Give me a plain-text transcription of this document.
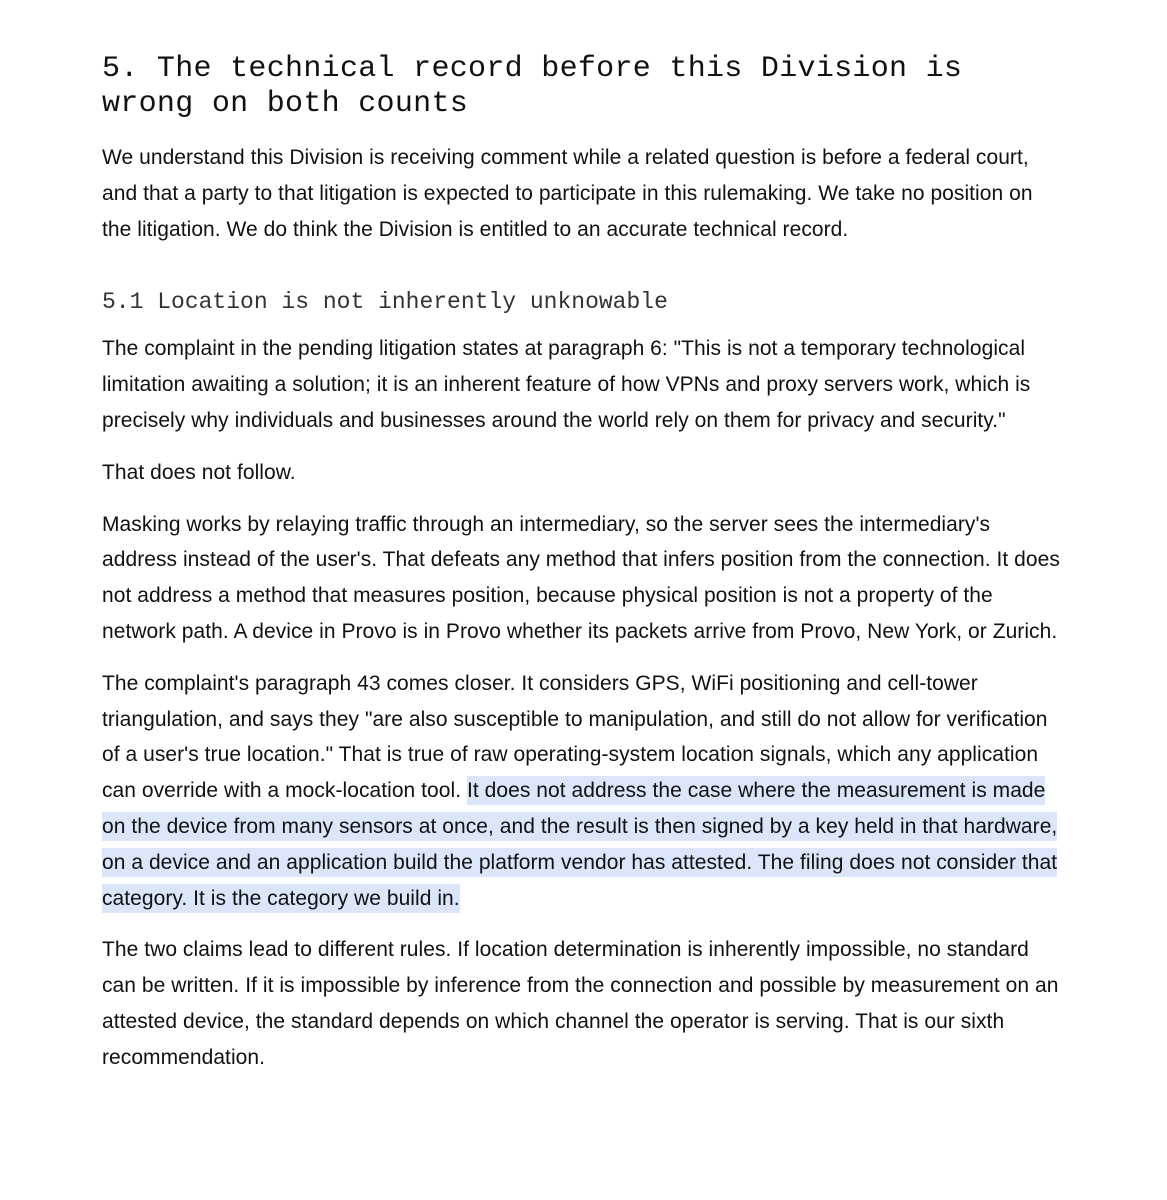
5. The technical record before this Division is wrong on both counts

We understand this Division is receiving comment while a related question is before a federal court, and that a party to that litigation is expected to participate in this rulemaking. We take no position on the litigation. We do think the Division is entitled to an accurate technical record.

5.1 Location is not inherently unknowable

The complaint in the pending litigation states at paragraph 6: "This is not a temporary technological limitation awaiting a solution; it is an inherent feature of how VPNs and proxy servers work, which is precisely why individuals and businesses around the world rely on them for privacy and security."

That does not follow.

Masking works by relaying traffic through an intermediary, so the server sees the intermediary's address instead of the user's. That defeats any method that infers position from the connection. It does not address a method that measures position, because physical position is not a property of the network path. A device in Provo is in Provo whether its packets arrive from Provo, New York, or Zurich.

The complaint's paragraph 43 comes closer. It considers GPS, WiFi positioning and cell-tower triangulation, and says they "are also susceptible to manipulation, and still do not allow for verification of a user's true location." That is true of raw operating-system location signals, which any application can override with a mock-location tool. It does not address the case where the measurement is made on the device from many sensors at once, and the result is then signed by a key held in that hardware, on a device and an application build the platform vendor has attested. The filing does not consider that category. It is the category we build in.

The two claims lead to different rules. If location determination is inherently impossible, no standard can be written. If it is impossible by inference from the connection and possible by measurement on an attested device, the standard depends on which channel the operator is serving. That is our sixth recommendation.
